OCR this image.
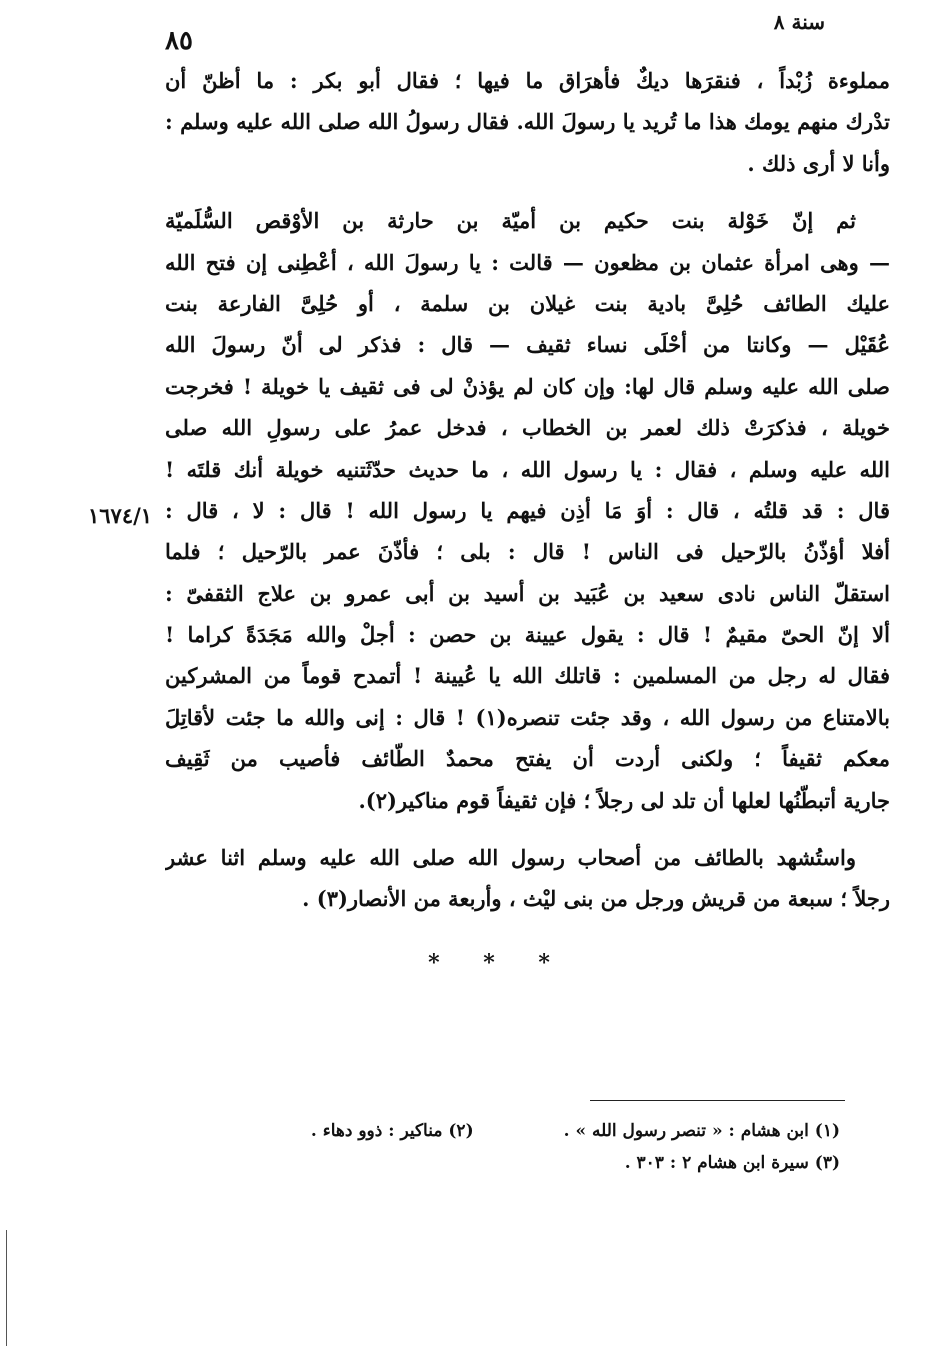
سنة ٨
٨٥
مملوءة زُبْداً ، فنقرَها ديكٌ فأهرَاق ما فيها ؛ فقال أبو بكر : ما أظنّ أن
تدْرك منهم يومك هذا ما تُريد يا رسولَ الله. فقال رسولُ الله صلى الله عليه وسلم :
وأنا لا أرى ذلك .
ثم إنّ خَوْلة بنت حكيم بن أميّة بن حارثة بن الأوْقص السُّلَميّة
— وهى امرأة عثمان بن مظعون — قالت : يا رسولَ الله ، أعْطِنى إن فتح الله
عليك الطائف حُلِىَّ بادية بنت غيلان بن سلمة ، أو حُلِىَّ الفارعة بنت
عُقَيْل — وكانتا من أحْلَى نساء ثقيف — قال : فذكر لى أنّ رسولَ الله
صلى الله عليه وسلم قال لها: وإن كان لم يؤذنْ لى فى ثقيف يا خويلة ! فخرجت
خويلة ، فذكرَتْ ذلك لعمر بن الخطاب ، فدخل عمرُ على رسولِ الله صلى
الله عليه وسلم ، فقال : يا رسول الله ، ما حديث حدّثَتنيه خويلة أنك قلتَه !
قال : قد قلتُه ، قال : أوَ مَا أذِن فيهم يا رسول الله ! قال : لا ، قال :
أفلا أؤذّنُ بالرّحيل فى الناس ! قال : بلى ؛ فأذّنَ عمر بالرّحيل ؛ فلما
استقلّ الناس نادى سعيد بن عُبَيد بن أسيد بن أبى عمرو بن علاج الثقفىّ :
ألا إنّ الحىّ مقيمٌ ! قال : يقول عيينة بن حصن : أجلْ والله مَجَدَةً كراما !
فقال له رجل من المسلمين : قاتلك الله يا عُيينة ! أتمدح قوماً من المشركين
بالامتناع من رسول الله ، وقد جئت تنصره(١) ! قال : إنى والله ما جئت لأقاتِلَ
معكم ثقيفاً ؛ ولكنى أردت أن يفتح محمدٌ الطّائف فأصيب من ثَقِيف
جارية أتبطّنُها لعلها أن تلد لى رجلاً ؛ فإن ثقيفاً قوم مناكير(٢).
واستُشهد بالطائف من أصحاب رسول الله صلى الله عليه وسلم اثنا عشر
رجلاً ؛ سبعة من قريش ورجل من بنى ليْث ، وأربعة من الأنصار(٣) .
١٦٧٤/١
* * *
(١) ابن هشام : « تنصر رسول الله » .
(٢) مناكير : ذوو دهاء .
(٣) سيرة ابن هشام ٢ : ٣٠٣ .
